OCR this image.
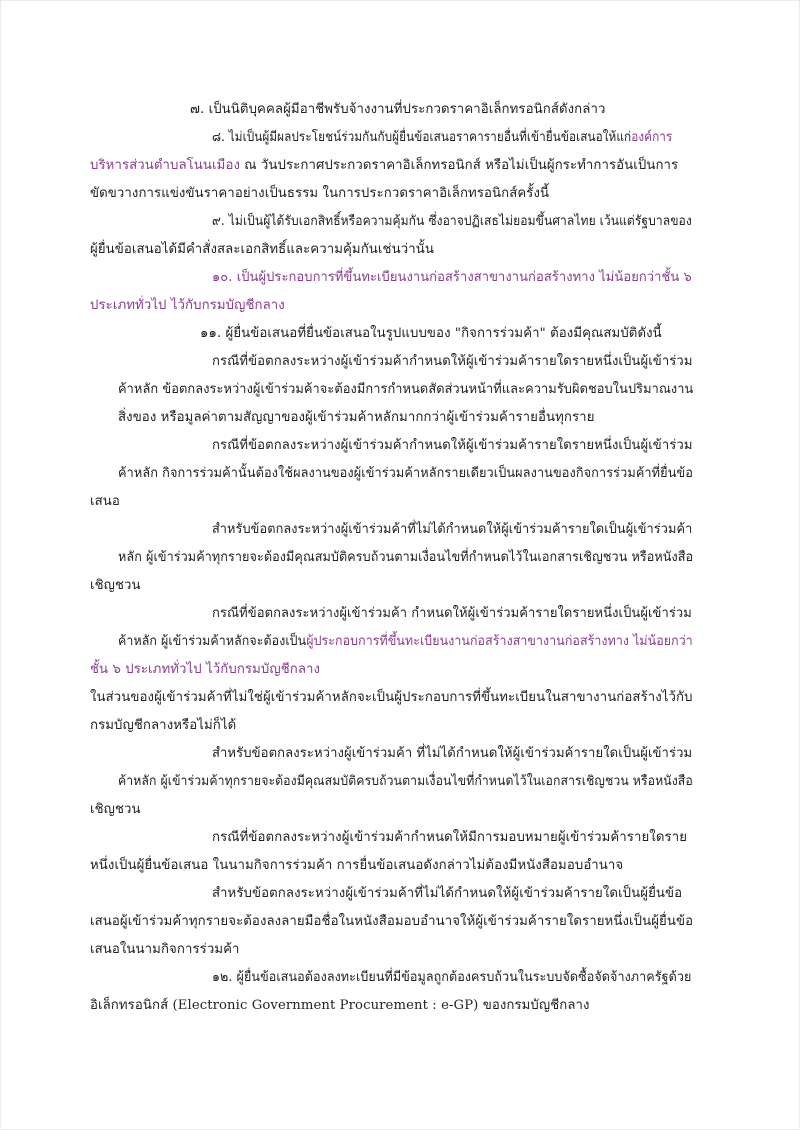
๗. เป็นนิติบุคคลผู้มีอาชีพรับจ้างงานที่ประกวดราคาอิเล็กทรอนิกส์ดังกล่าว
๘. ไม่เป็นผู้มีผลประโยชน์ร่วมกันกับผู้ยื่นข้อเสนอราคารายอื่นที่เข้ายื่นข้อเสนอให้แก่องค์การ
บริหารส่วนตำบลโนนเมือง ณ วันประกาศประกวดราคาอิเล็กทรอนิกส์ หรือไม่เป็นผู้กระทำการอันเป็นการ
ขัดขวางการแข่งขันราคาอย่างเป็นธรรม ในการประกวดราคาอิเล็กทรอนิกส์ครั้งนี้
๙. ไม่เป็นผู้ได้รับเอกสิทธิ์หรือความคุ้มกัน ซึ่งอาจปฏิเสธไม่ยอมขึ้นศาลไทย เว้นแต่รัฐบาลของ
ผู้ยื่นข้อเสนอได้มีคำสั่งสละเอกสิทธิ์และความคุ้มกันเช่นว่านั้น
๑๐. เป็นผู้ประกอบการที่ขึ้นทะเบียนงานก่อสร้างสาขางานก่อสร้างทาง ไม่น้อยกว่าชั้น ๖
ประเภททั่วไป ไว้กับกรมบัญชีกลาง
๑๑. ผู้ยื่นข้อเสนอที่ยื่นข้อเสนอในรูปแบบของ "กิจการร่วมค้า" ต้องมีคุณสมบัติดังนี้
กรณีที่ข้อตกลงระหว่างผู้เข้าร่วมค้ากำหนดให้ผู้เข้าร่วมค้ารายใดรายหนึ่งเป็นผู้เข้าร่วม
ค้าหลัก ข้อตกลงระหว่างผู้เข้าร่วมค้าจะต้องมีการกำหนดสัดส่วนหน้าที่และความรับผิดชอบในปริมาณงาน
สิ่งของ หรือมูลค่าตามสัญญาของผู้เข้าร่วมค้าหลักมากกว่าผู้เข้าร่วมค้ารายอื่นทุกราย
กรณีที่ข้อตกลงระหว่างผู้เข้าร่วมค้ากำหนดให้ผู้เข้าร่วมค้ารายใดรายหนึ่งเป็นผู้เข้าร่วม
ค้าหลัก กิจการร่วมค้านั้นต้องใช้ผลงานของผู้เข้าร่วมค้าหลักรายเดียวเป็นผลงานของกิจการร่วมค้าที่ยื่นข้อ
เสนอ
สำหรับข้อตกลงระหว่างผู้เข้าร่วมค้าที่ไม่ได้กำหนดให้ผู้เข้าร่วมค้ารายใดเป็นผู้เข้าร่วมค้า
หลัก ผู้เข้าร่วมค้าทุกรายจะต้องมีคุณสมบัติครบถ้วนตามเงื่อนไขที่กำหนดไว้ในเอกสารเชิญชวน หรือหนังสือ
เชิญชวน
กรณีที่ข้อตกลงระหว่างผู้เข้าร่วมค้า กำหนดให้ผู้เข้าร่วมค้ารายใดรายหนึ่งเป็นผู้เข้าร่วม
ค้าหลัก ผู้เข้าร่วมค้าหลักจะต้องเป็นผู้ประกอบการที่ขึ้นทะเบียนงานก่อสร้างสาขางานก่อสร้างทาง ไม่น้อยกว่า
ชั้น ๖ ประเภททั่วไป ไว้กับกรมบัญชีกลาง
ในส่วนของผู้เข้าร่วมค้าที่ไม่ใช่ผู้เข้าร่วมค้าหลักจะเป็นผู้ประกอบการที่ขึ้นทะเบียนในสาขางานก่อสร้างไว้กับ
กรมบัญชีกลางหรือไม่ก็ได้
สำหรับข้อตกลงระหว่างผู้เข้าร่วมค้า ที่ไม่ได้กำหนดให้ผู้เข้าร่วมค้ารายใดเป็นผู้เข้าร่วม
ค้าหลัก ผู้เข้าร่วมค้าทุกรายจะต้องมีคุณสมบัติครบถ้วนตามเงื่อนไขที่กำหนดไว้ในเอกสารเชิญชวน หรือหนังสือ
เชิญชวน
กรณีที่ข้อตกลงระหว่างผู้เข้าร่วมค้ากำหนดให้มีการมอบหมายผู้เข้าร่วมค้ารายใดราย
หนึ่งเป็นผู้ยื่นข้อเสนอ ในนามกิจการร่วมค้า การยื่นข้อเสนอดังกล่าวไม่ต้องมีหนังสือมอบอำนาจ
สำหรับข้อตกลงระหว่างผู้เข้าร่วมค้าที่ไม่ได้กำหนดให้ผู้เข้าร่วมค้ารายใดเป็นผู้ยื่นข้อ
เสนอผู้เข้าร่วมค้าทุกรายจะต้องลงลายมือชื่อในหนังสือมอบอำนาจให้ผู้เข้าร่วมค้ารายใดรายหนึ่งเป็นผู้ยื่นข้อ
เสนอในนามกิจการร่วมค้า
๑๒. ผู้ยื่นข้อเสนอต้องลงทะเบียนที่มีข้อมูลถูกต้องครบถ้วนในระบบจัดซื้อจัดจ้างภาครัฐด้วย
อิเล็กทรอนิกส์ (Electronic Government Procurement : e-GP) ของกรมบัญชีกลาง
